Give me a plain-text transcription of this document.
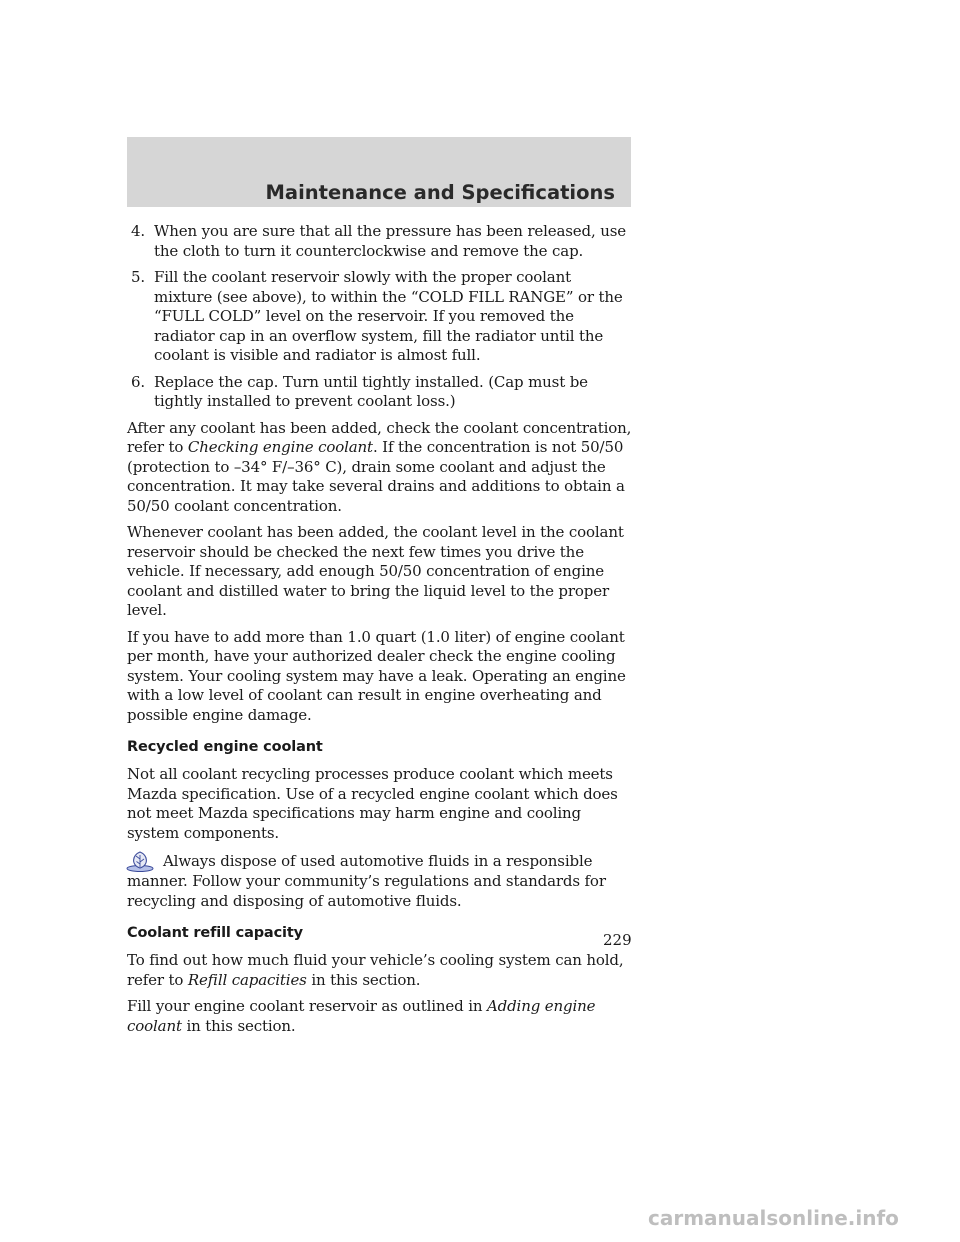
Maintenance and Specifications
4. When you are sure that all the pressure has been released, use the cloth to turn it counterclockwise and remove the cap.
5. Fill the coolant reservoir slowly with the proper coolant mixture (see above), to within the “COLD FILL RANGE” or the “FULL COLD” level on the reservoir. If you removed the radiator cap in an overflow system, fill the radiator until the coolant is visible and radiator is almost full.
6. Replace the cap. Turn until tightly installed. (Cap must be tightly installed to prevent coolant loss.)

After any coolant has been added, check the coolant concentration, refer to Checking engine coolant. If the concentration is not 50/50 (protection to –34° F/–36° C), drain some coolant and adjust the concentration. It may take several drains and additions to obtain a 50/50 coolant concentration.

Whenever coolant has been added, the coolant level in the coolant reservoir should be checked the next few times you drive the vehicle. If necessary, add enough 50/50 concentration of engine coolant and distilled water to bring the liquid level to the proper level.

If you have to add more than 1.0 quart (1.0 liter) of engine coolant per month, have your authorized dealer check the engine cooling system. Your cooling system may have a leak. Operating an engine with a low level of coolant can result in engine overheating and possible engine damage.

Recycled engine coolant

Not all coolant recycling processes produce coolant which meets Mazda specification. Use of a recycled engine coolant which does not meet Mazda specifications may harm engine and cooling system components.

Always dispose of used automotive fluids in a responsible manner. Follow your community’s regulations and standards for recycling and disposing of automotive fluids.

Coolant refill capacity

To find out how much fluid your vehicle’s cooling system can hold, refer to Refill capacities in this section.

Fill your engine coolant reservoir as outlined in Adding engine coolant in this section.

229
carmanualsonline.info
